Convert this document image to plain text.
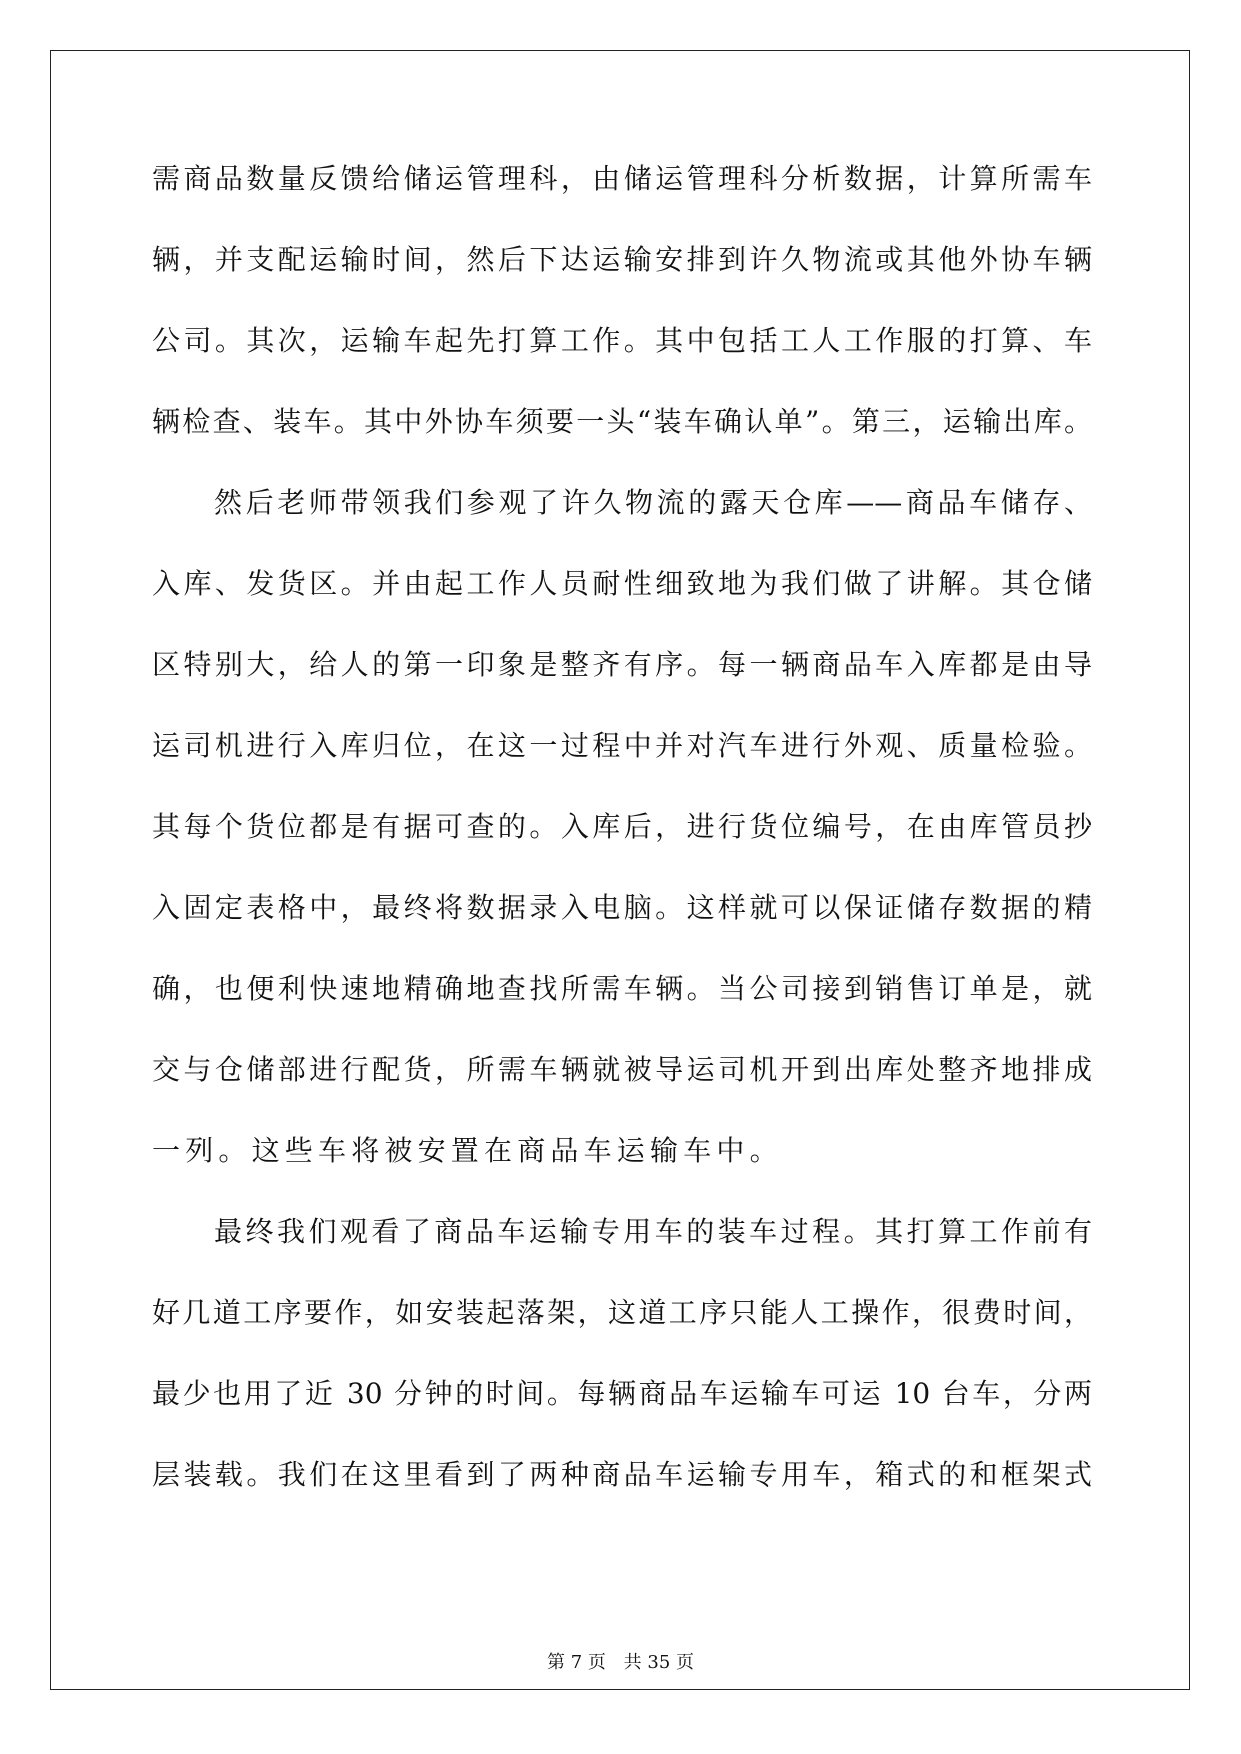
需商品数量反馈给储运管理科，由储运管理科分析数据，计算所需车
辆，并支配运输时间，然后下达运输安排到许久物流或其他外协车辆
公司。其次，运输车起先打算工作。其中包括工人工作服的打算、车
辆检查、装车。其中外协车须要一头“装车确认单”。第三，运输出库。
然后老师带领我们参观了许久物流的露天仓库——商品车储存、
入库、发货区。并由起工作人员耐性细致地为我们做了讲解。其仓储
区特别大，给人的第一印象是整齐有序。每一辆商品车入库都是由导
运司机进行入库归位，在这一过程中并对汽车进行外观、质量检验。
其每个货位都是有据可查的。入库后，进行货位编号，在由库管员抄
入固定表格中，最终将数据录入电脑。这样就可以保证储存数据的精
确，也便利快速地精确地查找所需车辆。当公司接到销售订单是，就
交与仓储部进行配货，所需车辆就被导运司机开到出库处整齐地排成
一列。这些车将被安置在商品车运输车中。
最终我们观看了商品车运输专用车的装车过程。其打算工作前有
好几道工序要作，如安装起落架，这道工序只能人工操作，很费时间，
最少也用了近 30 分钟的时间。每辆商品车运输车可运 10 台车，分两
层装载。我们在这里看到了两种商品车运输专用车，箱式的和框架式
第 7 页 共 35 页
